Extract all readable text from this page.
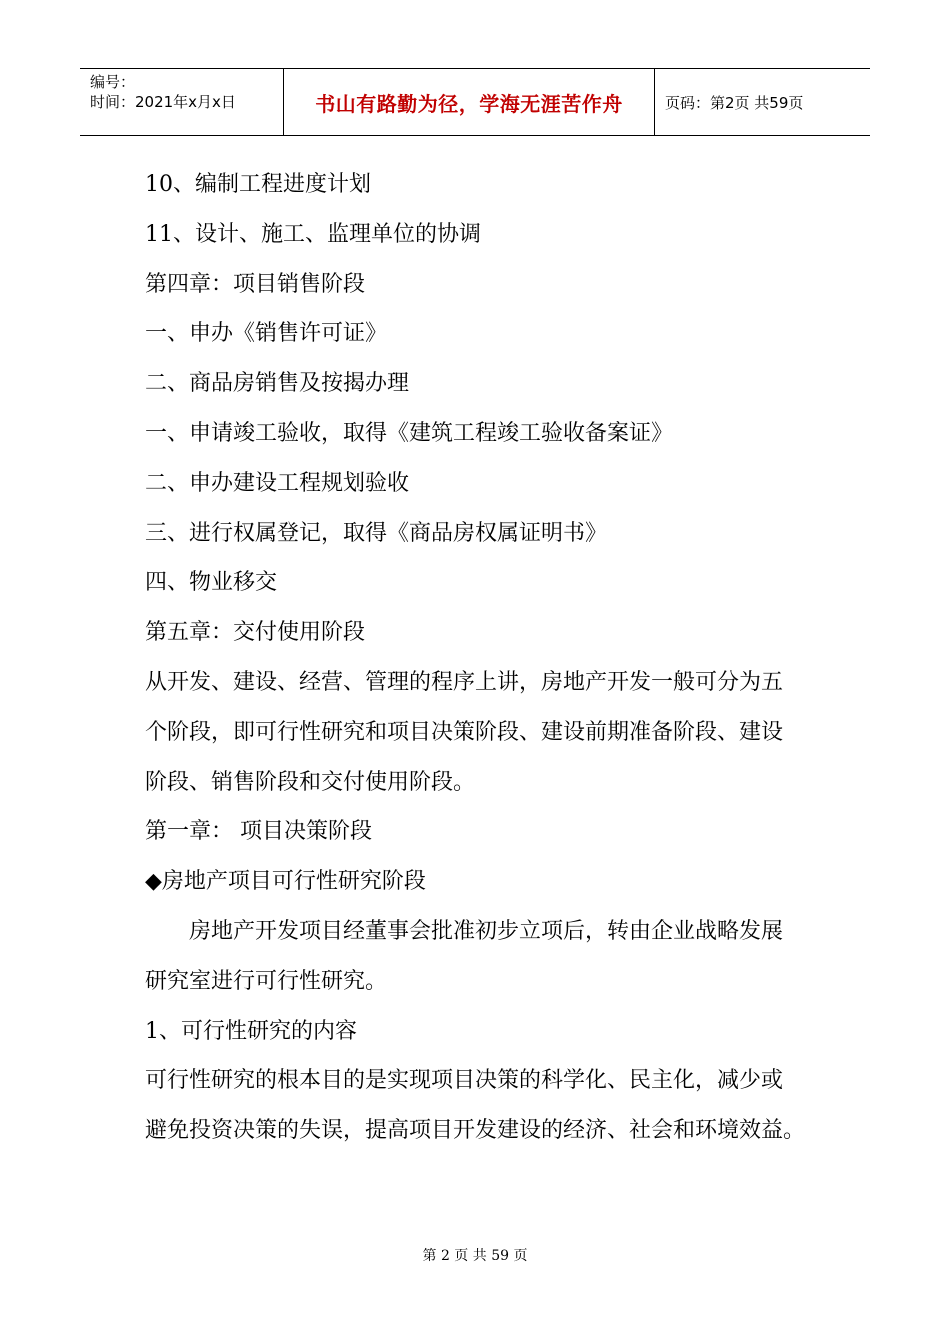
编号：
时间：2021年x月x日	书山有路勤为径，学海无涯苦作舟	页码：第2页 共59页
10、编制工程进度计划
11、设计、施工、监理单位的协调
第四章：项目销售阶段
一、申办《销售许可证》
二、商品房销售及按揭办理
一、申请竣工验收，取得《建筑工程竣工验收备案证》
二、申办建设工程规划验收
三、进行权属登记，取得《商品房权属证明书》
四、物业移交
第五章：交付使用阶段
从开发、建设、经营、管理的程序上讲，房地产开发一般可分为五
个阶段，即可行性研究和项目决策阶段、建设前期准备阶段、建设
阶段、销售阶段和交付使用阶段。
第一章： 项目决策阶段
◆房地产项目可行性研究阶段
房地产开发项目经董事会批准初步立项后，转由企业战略发展
研究室进行可行性研究。
1、可行性研究的内容
可行性研究的根本目的是实现项目决策的科学化、民主化，减少或
避免投资决策的失误，提高项目开发建设的经济、社会和环境效益。
第 2 页 共 59 页
